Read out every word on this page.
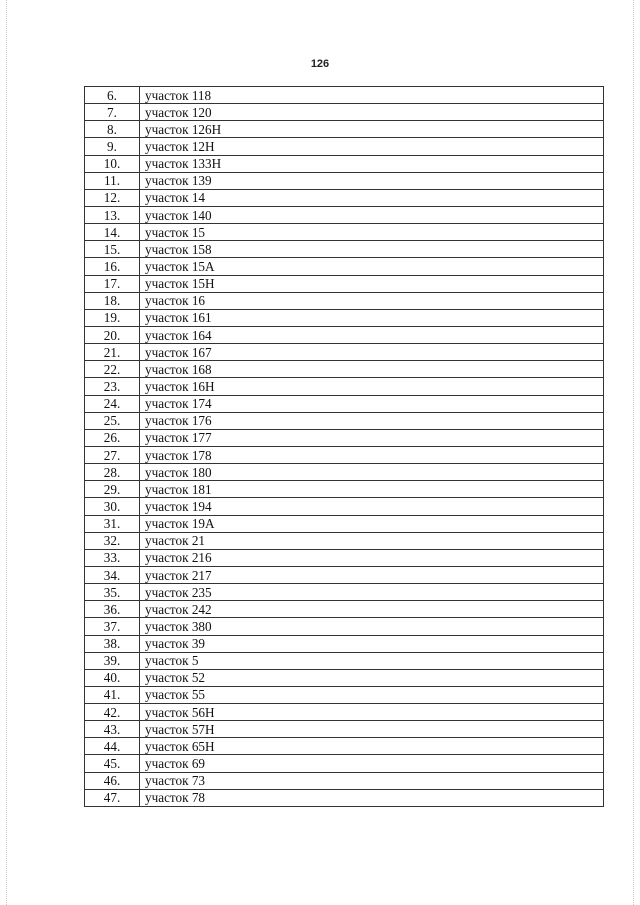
126
6.	участок 118
7.	участок 120
8.	участок 126Н
9.	участок 12Н
10.	участок 133Н
11.	участок 139
12.	участок 14
13.	участок 140
14.	участок 15
15.	участок 158
16.	участок 15А
17.	участок 15Н
18.	участок 16
19.	участок 161
20.	участок 164
21.	участок 167
22.	участок 168
23.	участок 16Н
24.	участок 174
25.	участок 176
26.	участок 177
27.	участок 178
28.	участок 180
29.	участок 181
30.	участок 194
31.	участок 19А
32.	участок 21
33.	участок 216
34.	участок 217
35.	участок 235
36.	участок 242
37.	участок 380
38.	участок 39
39.	участок 5
40.	участок 52
41.	участок 55
42.	участок 56Н
43.	участок 57Н
44.	участок 65Н
45.	участок 69
46.	участок 73
47.	участок 78
